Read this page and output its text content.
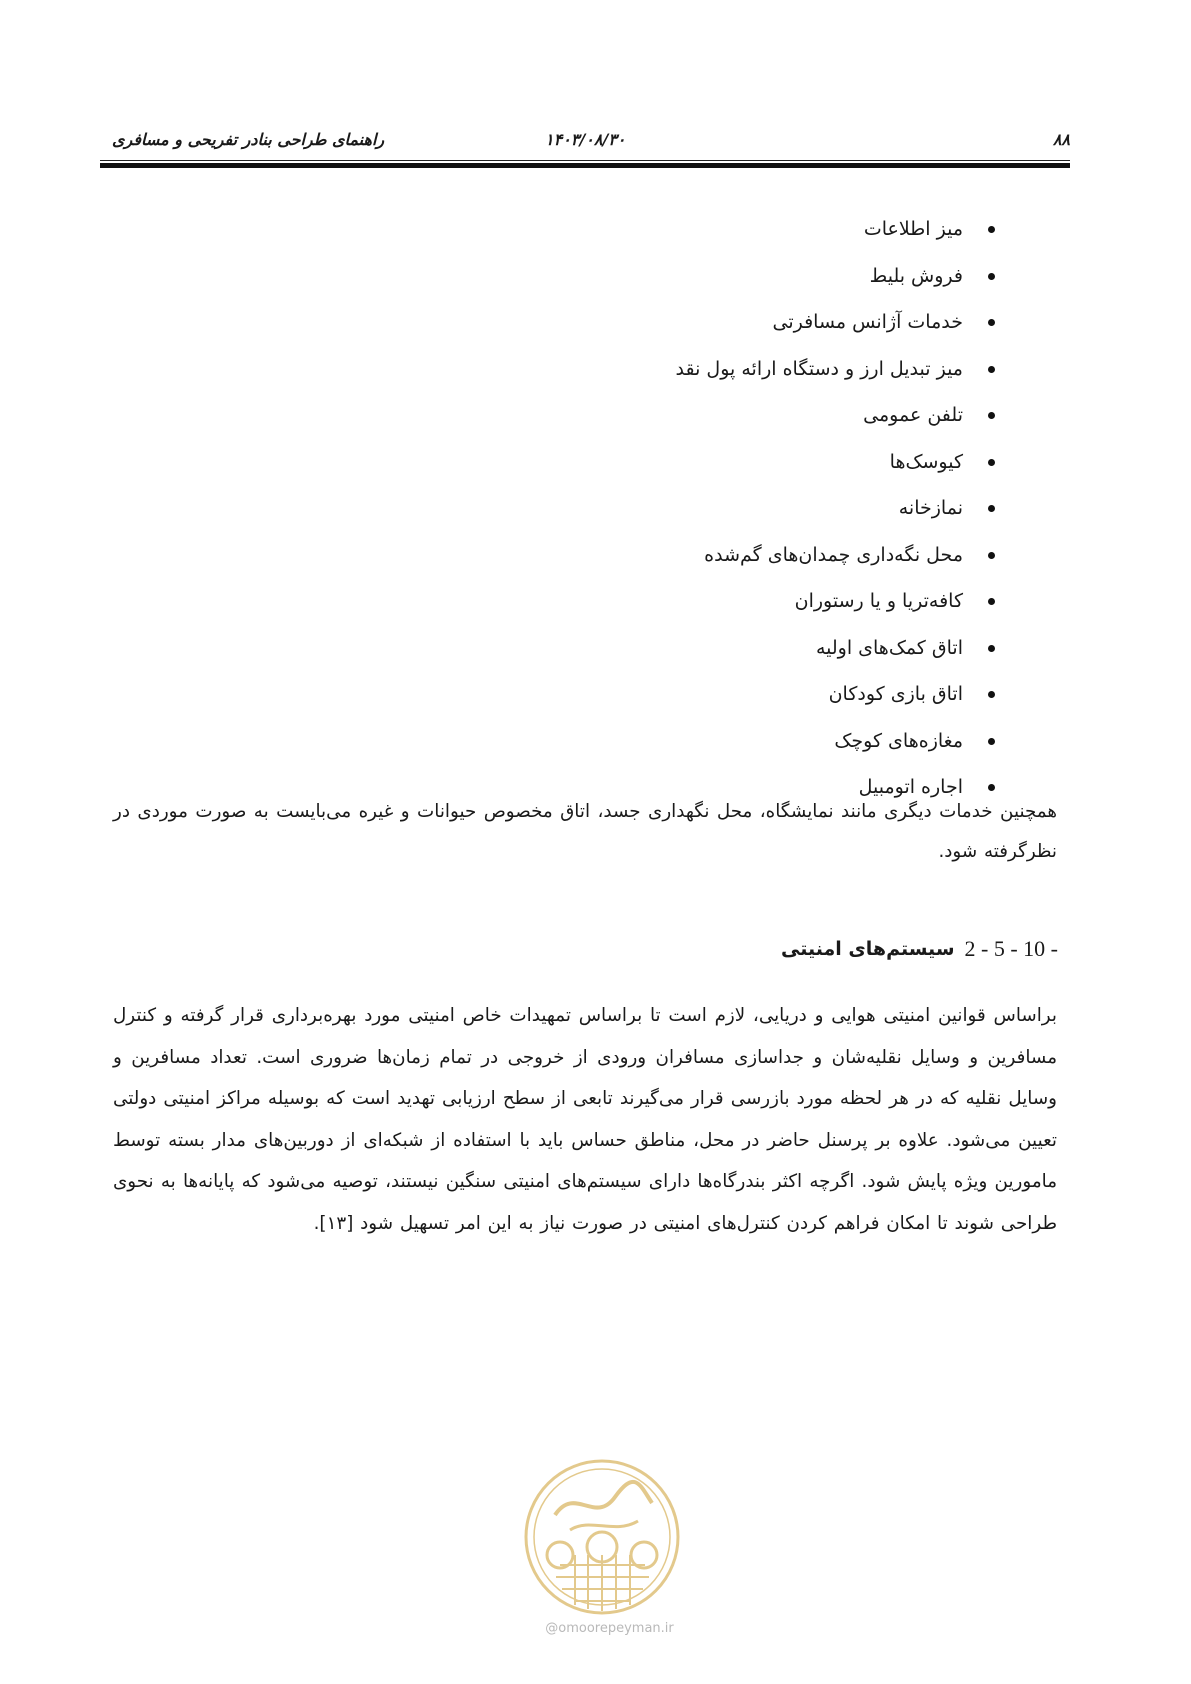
۸۸
۱۴۰۳/۰۸/۳۰
راهنمای طراحی بنادر تفریحی و مسافری
میز اطلاعات
فروش بلیط
خدمات آژانس مسافرتی
میز تبدیل ارز و دستگاه ارائه پول نقد
تلفن عمومی
کیوسک‌ها
نمازخانه
محل نگه‌داری چمدان‌های گم‌شده
کافه‌تریا و یا رستوران
اتاق کمک‌های اولیه
اتاق بازی کودکان
مغازه‌های کوچک
اجاره اتومبیل

همچنین خدمات دیگری مانند نمایشگاه، محل نگهداری جسد، اتاق مخصوص حیوانات و غیره می‌بایست به صورت موردی در نظرگرفته شود.

2 - 5 - 10 -
سیستم‌های امنیتی

براساس قوانین امنیتی هوایی و دریایی، لازم است تا براساس تمهیدات خاص امنیتی مورد بهره‌برداری قرار گرفته و کنترل مسافرین و وسایل نقلیه‌شان و جداسازی مسافران ورودی از خروجی در تمام زمان‌ها ضروری است. تعداد مسافرین و وسایل نقلیه که در هر لحظه مورد بازرسی قرار می‌گیرند تابعی از سطح ارزیابی تهدید است که بوسیله مراکز امنیتی دولتی تعیین می‌شود. علاوه بر پرسنل حاضر در محل، مناطق حساس باید با استفاده از شبکه‌ای از دوربین‌های مدار بسته توسط مامورین ویژه پایش شود. اگرچه اکثر بندرگاه‌ها دارای سیستم‌های امنیتی سنگین نیستند، توصیه می‌شود که پایانه‌ها به نحوی طراحی شوند تا امکان فراهم کردن کنترل‌های امنیتی در صورت نیاز به این امر تسهیل شود [۱۳].

@omoorepeyman.ir
